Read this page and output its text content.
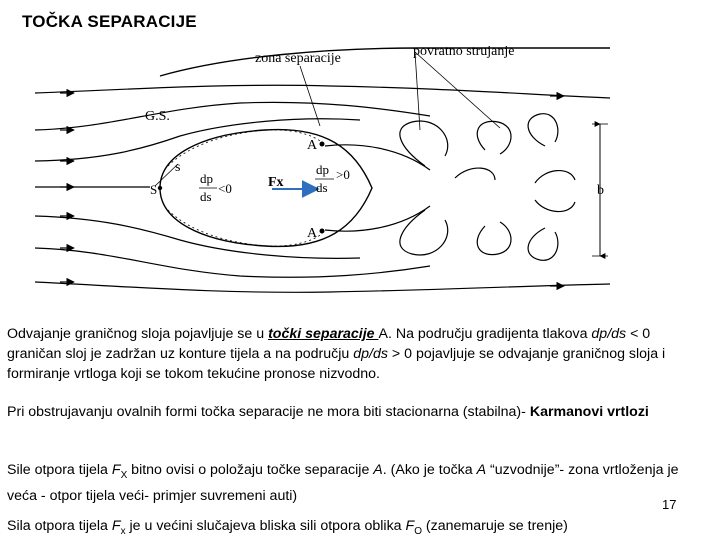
TOČKA SEPARACIJE
zona separacije	povratno strujanje
G.S.
A
A
s
S
dp
ds
<0	Fx
dp
ds
>0
b
Odvajanje graničnog sloja pojavljuje se u točki separacije A. Na području gradijenta tlakova dp/ds < 0 graničan sloj je zadržan uz konture tijela a na području dp/ds > 0 pojavljuje se odvajanje graničnog sloja i formiranje vrtloga koji se tokom tekućine pronose nizvodno.
Pri obstrujavanju ovalnih formi točka separacije ne mora biti stacionarna (stabilna)- Karmanovi vrtlozi
Sile otpora tijela $F_X$ bitno ovisi o položaju točke separacije A. (Ako je točka A “uzvodnije”- zona vrtloženja je veća - otpor tijela veći- primjer suvremeni auti)
17
Sila otpora tijela $F_x$ je u većini slučajeva bliska sili otpora oblika $F_O$ (zanemaruje se trenje)
